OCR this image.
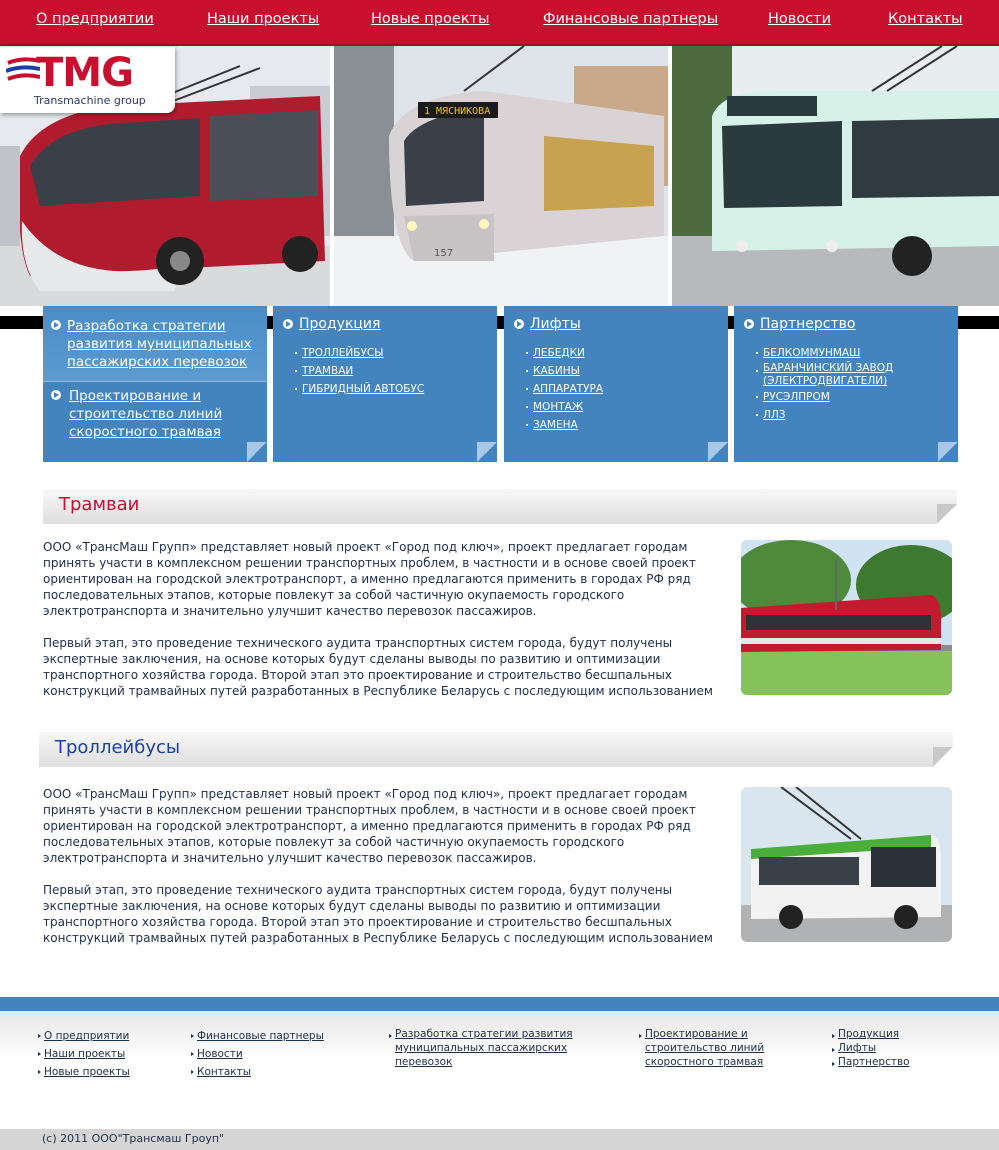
О предприятии	Наши проекты	Новые проекты	Финансовые партнеры	Новости	Контакты
1 МЯСНИКОВА
157
TMG
Transmachine group
Разработка стратегии
развития муниципальных
пассажирских перевозок
Проектирование и
строительство линий
скоростного трамвая
Продукция
ТРОЛЛЕЙБУСЫ
ТРАМВАИ
ГИБРИДНЫЙ АВТОБУС
Лифты
ЛЕБЕДКИ
КАБИНЫ
АППАРАТУРА
МОНТАЖ
ЗАМЕНА
Партнерство
БЕЛКОММУНМАШ
БАРАНЧИНСКИЙ ЗАВОД
(ЭЛЕКТРОДВИГАТЕЛИ)
РУСЭЛПРОМ
ЛЛЗ
Трамваи

ООО «ТрансМаш Групп» представляет новый проект «Город под ключ», проект предлагает городам
принять участи в комплексном решении транспортных проблем, в частности и в основе своей проект
ориентирован на городской электротранспорт, а именно предлагаются применить в городах РФ ряд
последовательных этапов, которые повлекут за собой частичную окупаемость городского
электротранспорта и значительно улучшит качество перевозок пассажиров.

Первый этап, это проведение технического аудита транспортных систем города, будут получены
экспертные заключения, на основе которых будут сделаны выводы по развитию и оптимизации
транспортного хозяйства города. Второй этап это проектирование и строительство бесшпальных
конструкций трамвайных путей разработанных в Республике Беларусь с последующим использованием

Троллейбусы

ООО «ТрансМаш Групп» представляет новый проект «Город под ключ», проект предлагает городам
принять участи в комплексном решении транспортных проблем, в частности и в основе своей проект
ориентирован на городской электротранспорт, а именно предлагаются применить в городах РФ ряд
последовательных этапов, которые повлекут за собой частичную окупаемость городского
электротранспорта и значительно улучшит качество перевозок пассажиров.

Первый этап, это проведение технического аудита транспортных систем города, будут получены
экспертные заключения, на основе которых будут сделаны выводы по развитию и оптимизации
транспортного хозяйства города. Второй этап это проектирование и строительство бесшпальных
конструкций трамвайных путей разработанных в Республике Беларусь с последующим использованием

О предприятии
Наши проекты
Новые проекты
Финансовые партнеры
Новости
Контакты
Разработка стратегии развития
муниципальных пассажирских
перевозок
Проектирование и
строительство линий
скоростного трамвая
Продукция
Лифты
Партнерство
(c) 2011 ООО"Трансмаш Гроуп"
